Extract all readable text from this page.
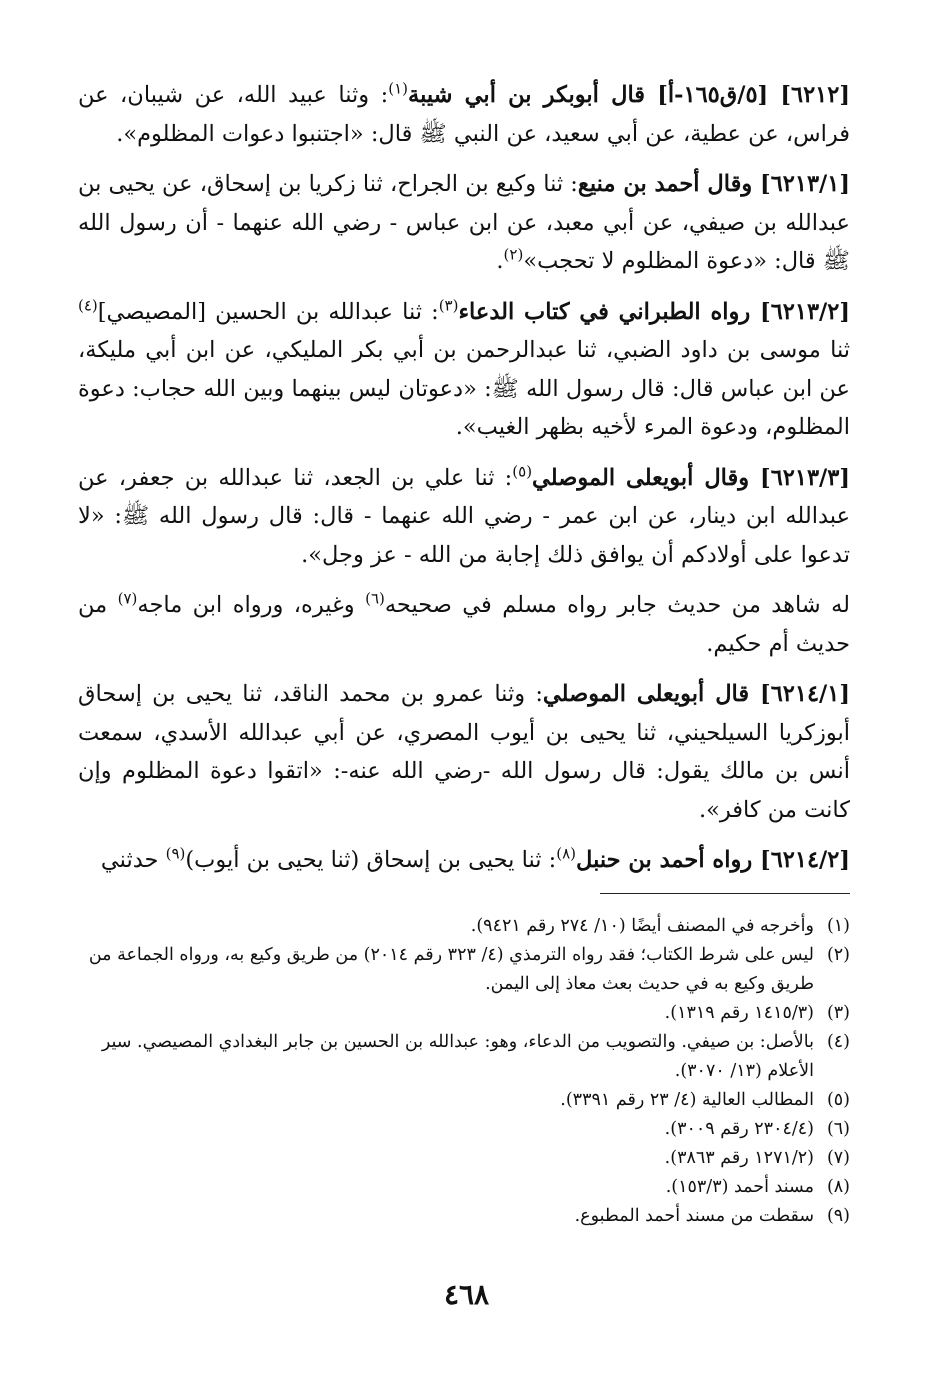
[٦٢١٢] [٥/ق١٦٥-أ] قال أبوبكر بن أبي شيبة$^{(١)}$: وثنا عبيد الله، عن شيبان، عن فراس، عن عطية، عن أبي سعيد، عن النبي ﷺ قال: «اجتنبوا دعوات المظلوم».

[٦٢١٣/١] وقال أحمد بن منيع: ثنا وكيع بن الجراح، ثنا زكريا بن إسحاق، عن يحيى بن عبدالله بن صيفي، عن أبي معبد، عن ابن عباس - رضي الله عنهما - أن رسول الله ﷺ قال: «دعوة المظلوم لا تحجب»$^{(٢)}$.

[٦٢١٣/٢] رواه الطبراني في كتاب الدعاء$^{(٣)}$: ثنا عبدالله بن الحسين [المصيصي]$^{(٤)}$ ثنا موسى بن داود الضبي، ثنا عبدالرحمن بن أبي بكر المليكي، عن ابن أبي مليكة، عن ابن عباس قال: قال رسول الله ﷺ: «دعوتان ليس بينهما وبين الله حجاب: دعوة المظلوم، ودعوة المرء لأخيه بظهر الغيب».

[٦٢١٣/٣] وقال أبويعلى الموصلي$^{(٥)}$: ثنا علي بن الجعد، ثنا عبدالله بن جعفر، عن عبدالله ابن دينار، عن ابن عمر - رضي الله عنهما - قال: قال رسول الله ﷺ: «لا تدعوا على أولادكم أن يوافق ذلك إجابة من الله - عز وجل».

له شاهد من حديث جابر رواه مسلم في صحيحه$^{(٦)}$ وغيره، ورواه ابن ماجه$^{(٧)}$ من حديث أم حكيم.

[٦٢١٤/١] قال أبويعلى الموصلي: وثنا عمرو بن محمد الناقد، ثنا يحيى بن إسحاق أبوزكريا السيلحيني، ثنا يحيى بن أيوب المصري، عن أبي عبدالله الأسدي، سمعت أنس بن مالك يقول: قال رسول الله -رضي الله عنه-: «اتقوا دعوة المظلوم وإن كانت من كافر».

[٦٢١٤/٢] رواه أحمد بن حنبل$^{(٨)}$: ثنا يحيى بن إسحاق (ثنا يحيى بن أيوب)$^{(٩)}$ حدثني

(١)
وأخرجه في المصنف أيضًا (١٠/ ٢٧٤ رقم ٩٤٢١).

(٢)
ليس على شرط الكتاب؛ فقد رواه الترمذي (٤/ ٣٢٣ رقم ٢٠١٤) من طريق وكيع به، ورواه الجماعة من طريق وكيع به في حديث بعث معاذ إلى اليمن.

(٣)
(١٤١٥/٣ رقم ١٣١٩).

(٤)
بالأصل: بن صيفي. والتصويب من الدعاء، وهو: عبدالله بن الحسين بن جابر البغدادي المصيصي. سير الأعلام (١٣/ ٣٠٧٠).

(٥)
المطالب العالية (٤/ ٢٣ رقم ٣٣٩١).

(٦)
(٢٣٠٤/٤ رقم ٣٠٠٩).

(٧)
(١٢٧١/٢ رقم ٣٨٦٣).

(٨)
مسند أحمد (١٥٣/٣).

(٩)
سقطت من مسند أحمد المطبوع.

٤٦٨
